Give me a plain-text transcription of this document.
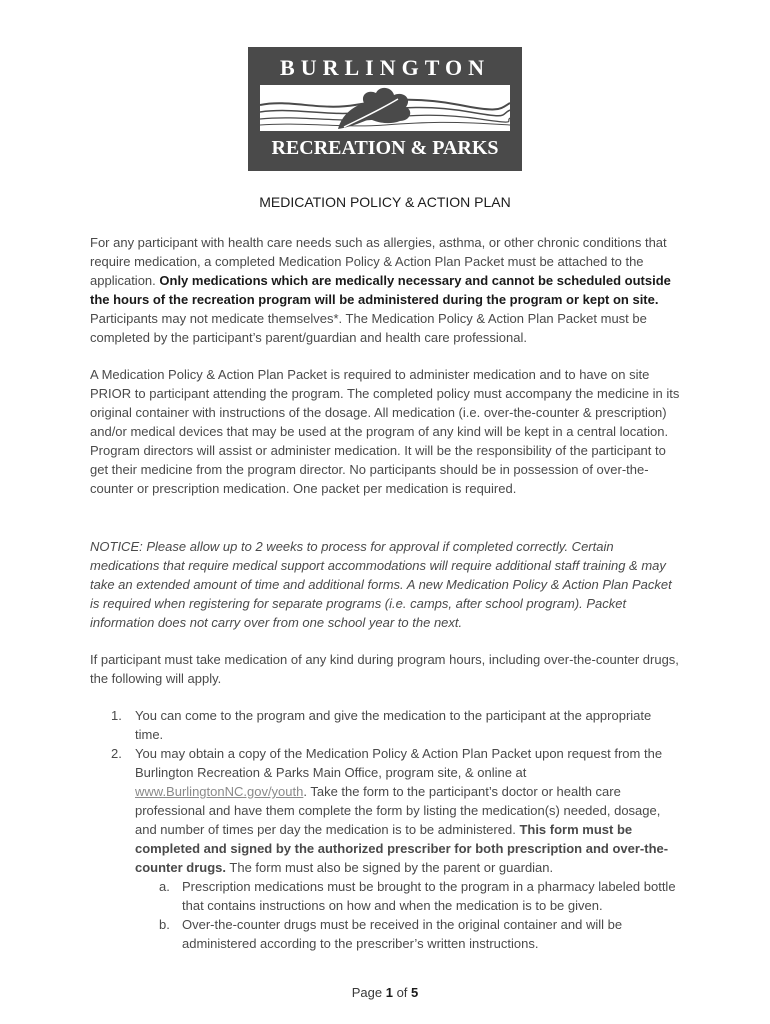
BURLINGTON
RECREATION & PARKS
MEDICATION POLICY & ACTION PLAN
For any participant with health care needs such as allergies, asthma, or other chronic conditions that require medication, a completed Medication Policy & Action Plan Packet must be attached to the application. Only medications which are medically necessary and cannot be scheduled outside the hours of the recreation program will be administered during the program or kept on site. Participants may not medicate themselves*. The Medication Policy & Action Plan Packet must be completed by the participant’s parent/guardian and health care professional.
A Medication Policy & Action Plan Packet is required to administer medication and to have on site PRIOR to participant attending the program. The completed policy must accompany the medicine in its original container with instructions of the dosage. All medication (i.e. over-the-counter & prescription) and/or medical devices that may be used at the program of any kind will be kept in a central location. Program directors will assist or administer medication. It will be the responsibility of the participant to get their medicine from the program director. No participants should be in possession of over-the-counter or prescription medication. One packet per medication is required.
NOTICE: Please allow up to 2 weeks to process for approval if completed correctly. Certain medications that require medical support accommodations will require additional staff training & may take an extended amount of time and additional forms. A new Medication Policy & Action Plan Packet is required when registering for separate programs (i.e. camps, after school program). Packet information does not carry over from one school year to the next.
If participant must take medication of any kind during program hours, including over-the-counter drugs, the following will apply.
1. You can come to the program and give the medication to the participant at the appropriate time.
2. You may obtain a copy of the Medication Policy & Action Plan Packet upon request from the Burlington Recreation & Parks Main Office, program site, & online at www.BurlingtonNC.gov/youth. Take the form to the participant’s doctor or health care professional and have them complete the form by listing the medication(s) needed, dosage, and number of times per day the medication is to be administered. This form must be completed and signed by the authorized prescriber for both prescription and over-the-counter drugs. The form must also be signed by the parent or guardian.
a. Prescription medications must be brought to the program in a pharmacy labeled bottle that contains instructions on how and when the medication is to be given.
b. Over-the-counter drugs must be received in the original container and will be administered according to the prescriber’s written instructions.
Page 1 of 5
